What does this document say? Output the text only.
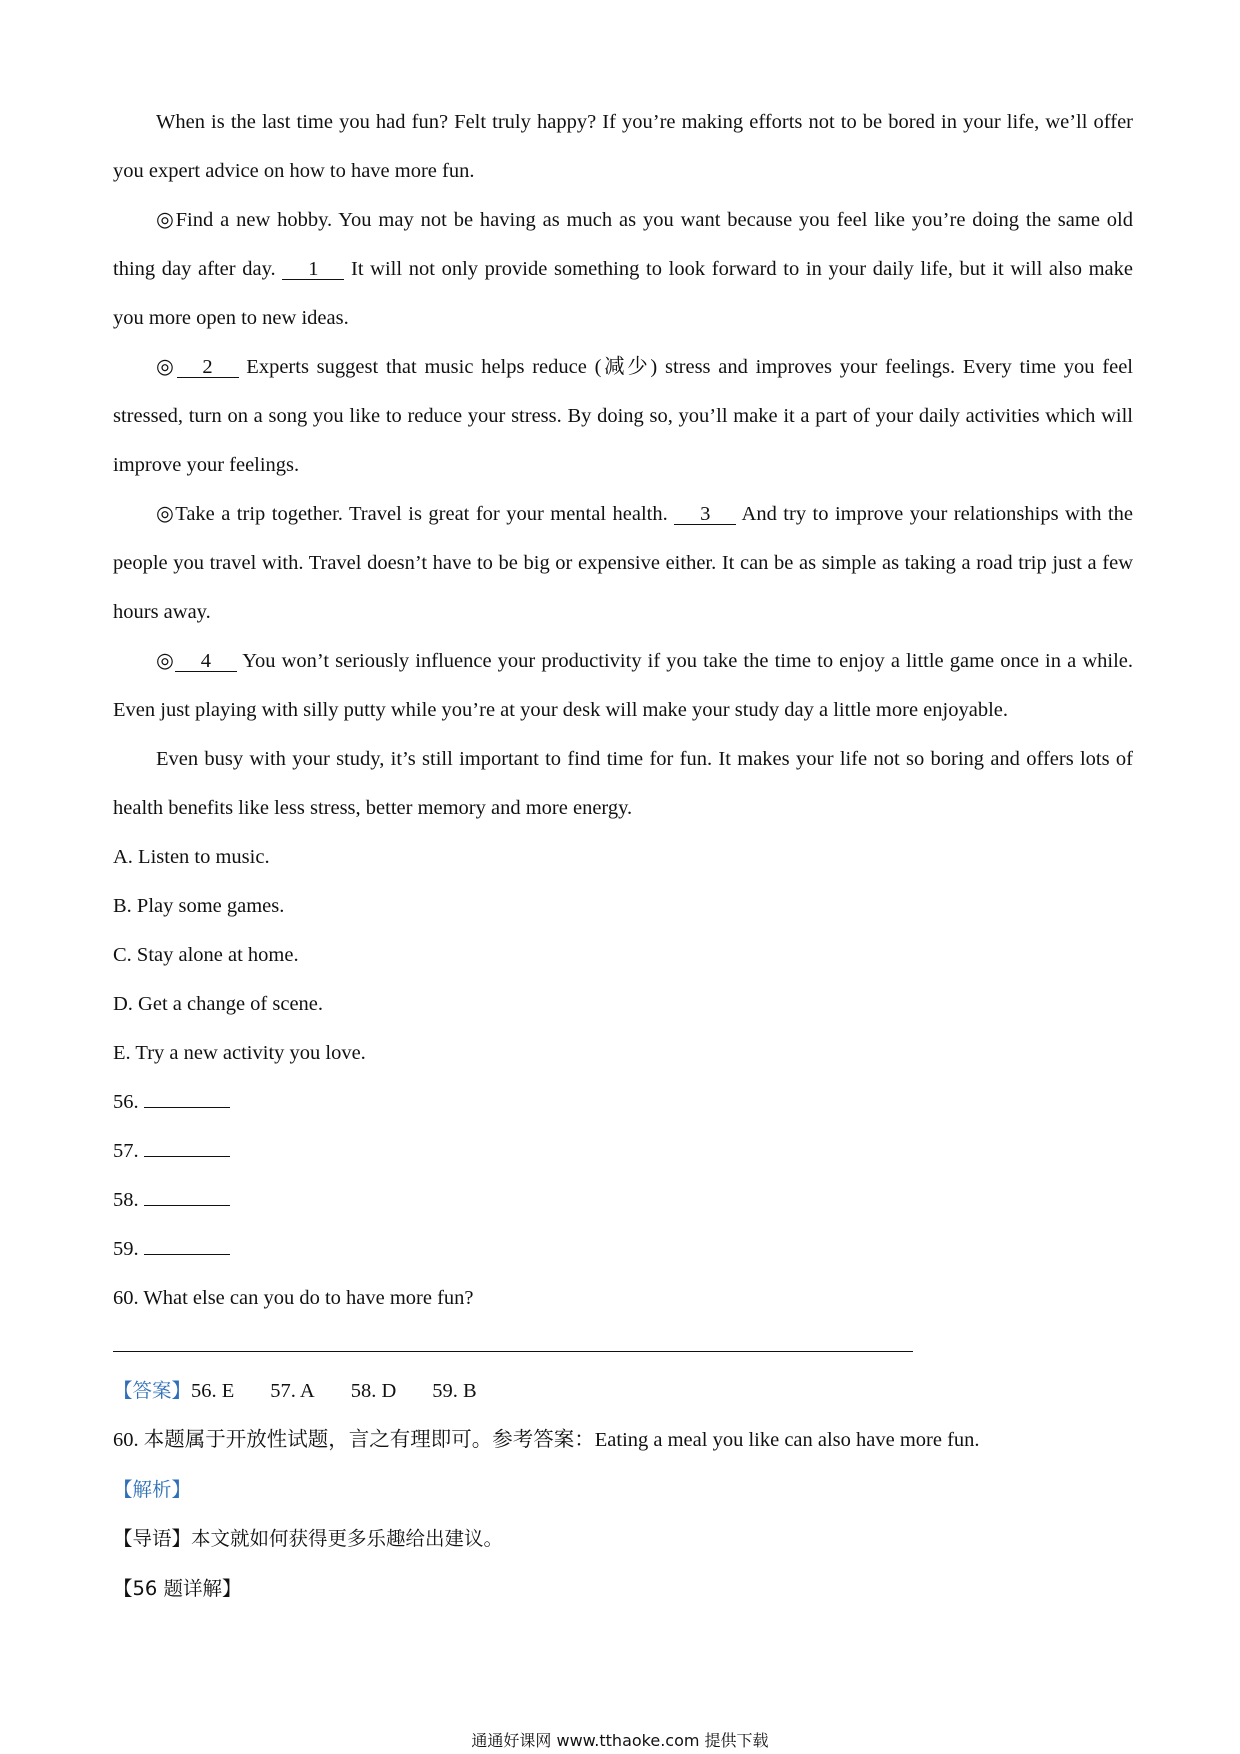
When is the last time you had fun? Felt truly happy? If you’re making efforts not to be bored in your life, we’ll offer you expert advice on how to have more fun.

◎Find a new hobby. You may not be having as much as you want because you feel like you’re doing the same old thing day after day. 1 It will not only provide something to look forward to in your daily life, but it will also make you more open to new ideas.

◎ 2 Experts suggest that music helps reduce (减少) stress and improves your feelings. Every time you feel stressed, turn on a song you like to reduce your stress. By doing so, you’ll make it a part of your daily activities which will improve your feelings.

◎Take a trip together. Travel is great for your mental health. 3 And try to improve your relationships with the people you travel with. Travel doesn’t have to be big or expensive either. It can be as simple as taking a road trip just a few hours away.

◎ 4 You won’t seriously influence your productivity if you take the time to enjoy a little game once in a while. Even just playing with silly putty while you’re at your desk will make your study day a little more enjoyable.

Even busy with your study, it’s still important to find time for fun. It makes your life not so boring and offers lots of health benefits like less stress, better memory and more energy.

A. Listen to music.

B. Play some games.

C. Stay alone at home.

D. Get a change of scene.

E. Try a new activity you love.

56.

57.

58.

59.

60. What else can you do to have more fun?

【答案】56. E 57. A 58. D 59. B

60. 本题属于开放性试题，言之有理即可。参考答案：Eating a meal you like can also have more fun.

【解析】

【导语】本文就如何获得更多乐趣给出建议。

【56 题详解】

通通好课网 www.tthaoke.com 提供下载
